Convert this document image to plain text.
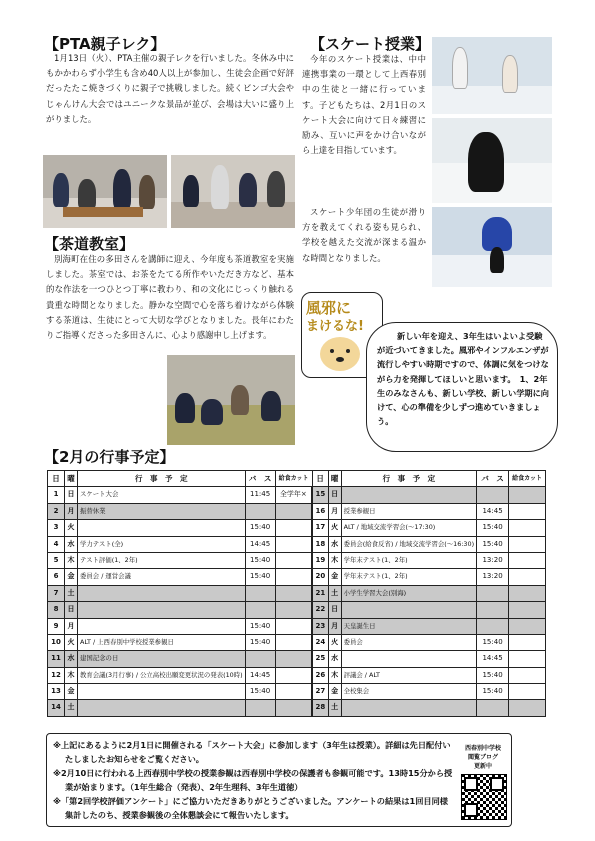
【PTA親子レク】
1月13日（火）、PTA主催の親子レクを行いました。冬休み中にもかかわらず小学生も含め40人以上が参加し、生徒会企画で好評だったたこ焼きづくりに親子で挑戦しました。続くビンゴ大会やじゃんけん大会ではユニークな景品が並び、会場は大いに盛り上がりました。
【茶道教室】
別海町在住の多田さんを講師に迎え、今年度も茶道教室を実施しました。茶室では、お茶をたてる所作やいただき方など、基本的な作法を一つひとつ丁寧に教わり、和の文化にじっくり触れる貴重な時間となりました。静かな空間で心を落ち着けながら体験する茶道は、生徒にとって大切な学びとなりました。長年にわたりご指導くださった多田さんに、心より感謝申し上げます。
【スケート授業】
今年のスケート授業は、中中連携事業の一環として上西春別中の生徒と一緒に行っています。子どもたちは、2月1日のスケート大会に向けて日々練習に励み、互いに声をかけ合いながら上達を目指しています。
スケート少年団の生徒が滑り方を教えてくれる姿も見られ、学校を越えた交流が深まる温かな時間となりました。
風邪に
まけるな!
新しい年を迎え、3年生はいよいよ受験が近づいてきました。風邪やインフルエンザが流行しやすい時期ですので、体調に気をつけながら力を発揮してほしいと思います。　1、2年生のみなさんも、新しい学校、新しい学期に向けて、心の準備を少しずつ進めていきましょう。
【2月の行事予定】
日	曜	行　事　予　定	バ　ス	給食カット	日	曜	行　事　予　定	バ　ス	給食カット
1	日	スケート大会	11:45	全学年×	15	日			
2	月	振替休業			16	月	授業参観日	14:45	
3	火		15:40		17	火	ALT / 地域交流学習会(〜17:30)	15:40	
4	水	学力テスト(全)	14:45		18	水	委員会(給食反省) / 地域交流学習会(〜16:30)	15:40	
5	木	テスト評価(1、2年)	15:40		19	木	学年末テスト(1、2年)	13:20	
6	金	委員会 / 運営会議	15:40		20	金	学年末テスト(1、2年)	13:20	
7	土				21	土	小学生学習大会(別海)		
8	日				22	日			
9	月		15:40		23	月	天皇誕生日		
10	火	ALT / 上西春別中学校授業参観日	15:40		24	火	委員会	15:40	
11	水	建国記念の日			25	水		14:45	
12	木	教育会議(3月行事) / 公立高校出願変更状況の発表(10時)	14:45		26	木	評議会 / ALT	15:40	
13	金		15:40		27	金	全校集会	15:40	
14	土				28	土			
※上記にあるように2月1日に開催される「スケート大会」に参加します（3年生は授業）。詳細は先日配付いたしましたお知らせをご覧ください。
※2月10日に行われる上西春別中学校の授業参観は西春別中学校の保護者も参観可能です。13時15分から授業が始まります。（1年生総合（発表）、2年生理科、3年生道徳）
※「第2回学校評価アンケート」にご協力いただきありがとうございました。アンケートの結果は1回目同様集計したのち、授業参観後の全体懇談会にて報告いたします。
西春別中学校
閲覧ブログ
更新中
